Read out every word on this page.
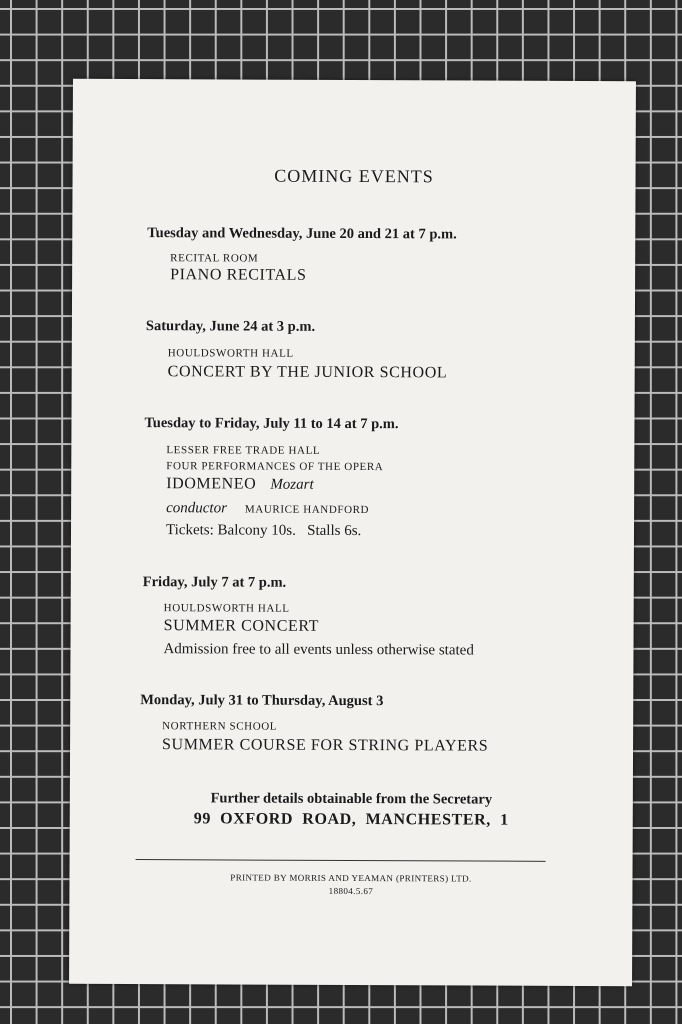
COMING EVENTS
Tuesday and Wednesday, June 20 and 21 at 7 p.m.
RECITAL ROOM
PIANO RECITALS
Saturday, June 24 at 3 p.m.
HOULDSWORTH HALL
CONCERT BY THE JUNIOR SCHOOL
Tuesday to Friday, July 11 to 14 at 7 p.m.
LESSER FREE TRADE HALL
FOUR PERFORMANCES OF THE OPERA
IDOMENEO Mozart
conductor MAURICE HANDFORD
Tickets: Balcony 10s.   Stalls 6s.
Friday, July 7 at 7 p.m.
HOULDSWORTH HALL
SUMMER CONCERT
Admission free to all events unless otherwise stated
Monday, July 31 to Thursday, August 3
NORTHERN SCHOOL
SUMMER COURSE FOR STRING PLAYERS
Further details obtainable from the Secretary
99  OXFORD  ROAD,  MANCHESTER,  1
PRINTED BY MORRIS AND YEAMAN (PRINTERS) LTD.
18804.5.67
